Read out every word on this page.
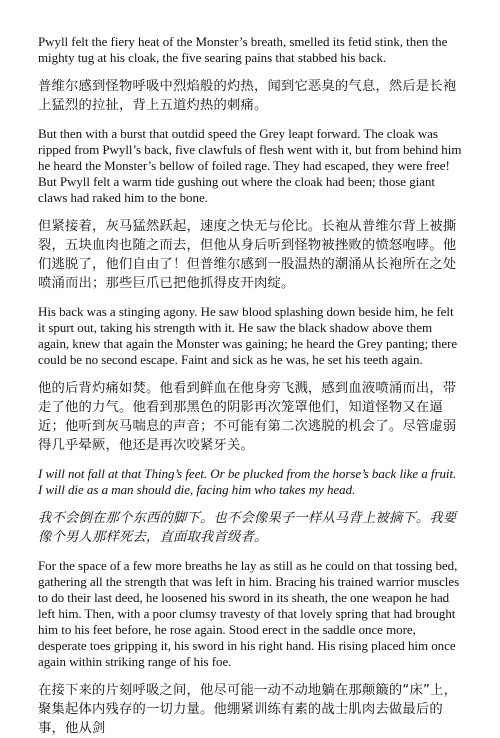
Pwyll felt the fiery heat of the Monster’s breath, smelled its fetid stink, then the mighty tug at his cloak, the five searing pains that stabbed his back.

普维尔感到怪物呼吸中烈焰般的灼热，闻到它恶臭的气息，然后是长袍上猛烈的拉扯，背上五道灼热的刺痛。

But then with a burst that outdid speed the Grey leapt forward. The cloak was ripped from Pwyll’s back, five clawfuls of flesh went with it, but from behind him he heard the Monster’s bellow of foiled rage. They had escaped, they were free! But Pwyll felt a warm tide gushing out where the cloak had been; those giant claws had raked him to the bone.

但紧接着，灰马猛然跃起，速度之快无与伦比。长袍从普维尔背上被撕裂，五块血肉也随之而去，但他从身后听到怪物被挫败的愤怒咆哮。他们逃脱了，他们自由了！但普维尔感到一股温热的潮涌从长袍所在之处喷涌而出；那些巨爪已把他抓得皮开肉绽。

His back was a stinging agony. He saw blood splashing down beside him, he felt it spurt out, taking his strength with it. He saw the black shadow above them again, knew that again the Monster was gaining; he heard the Grey panting; there could be no second escape. Faint and sick as he was, he set his teeth again.

他的后背灼痛如焚。他看到鲜血在他身旁飞溅，感到血液喷涌而出，带走了他的力气。他看到那黑色的阴影再次笼罩他们，知道怪物又在逼近；他听到灰马喘息的声音；不可能有第二次逃脱的机会了。尽管虚弱得几乎晕厥，他还是再次咬紧牙关。

I will not fall at that Thing’s feet. Or be plucked from the horse’s back like a fruit. I will die as a man should die, facing him who takes my head.

我不会倒在那个东西的脚下。也不会像果子一样从马背上被摘下。我要像个男人那样死去，直面取我首级者。

For the space of a few more breaths he lay as still as he could on that tossing bed, gathering all the strength that was left in him. Bracing his trained warrior muscles to do their last deed, he loosened his sword in its sheath, the one weapon he had left him. Then, with a poor clumsy travesty of that lovely spring that had brought him to his feet before, he rose again. Stood erect in the saddle once more, desperate toes gripping it, his sword in his right hand. His rising placed him once again within striking range of his foe.

在接下来的片刻呼吸之间，他尽可能一动不动地躺在那颠簸的“床”上，聚集起体内残存的一切力量。他绷紧训练有素的战士肌肉去做最后的事，他从剑
